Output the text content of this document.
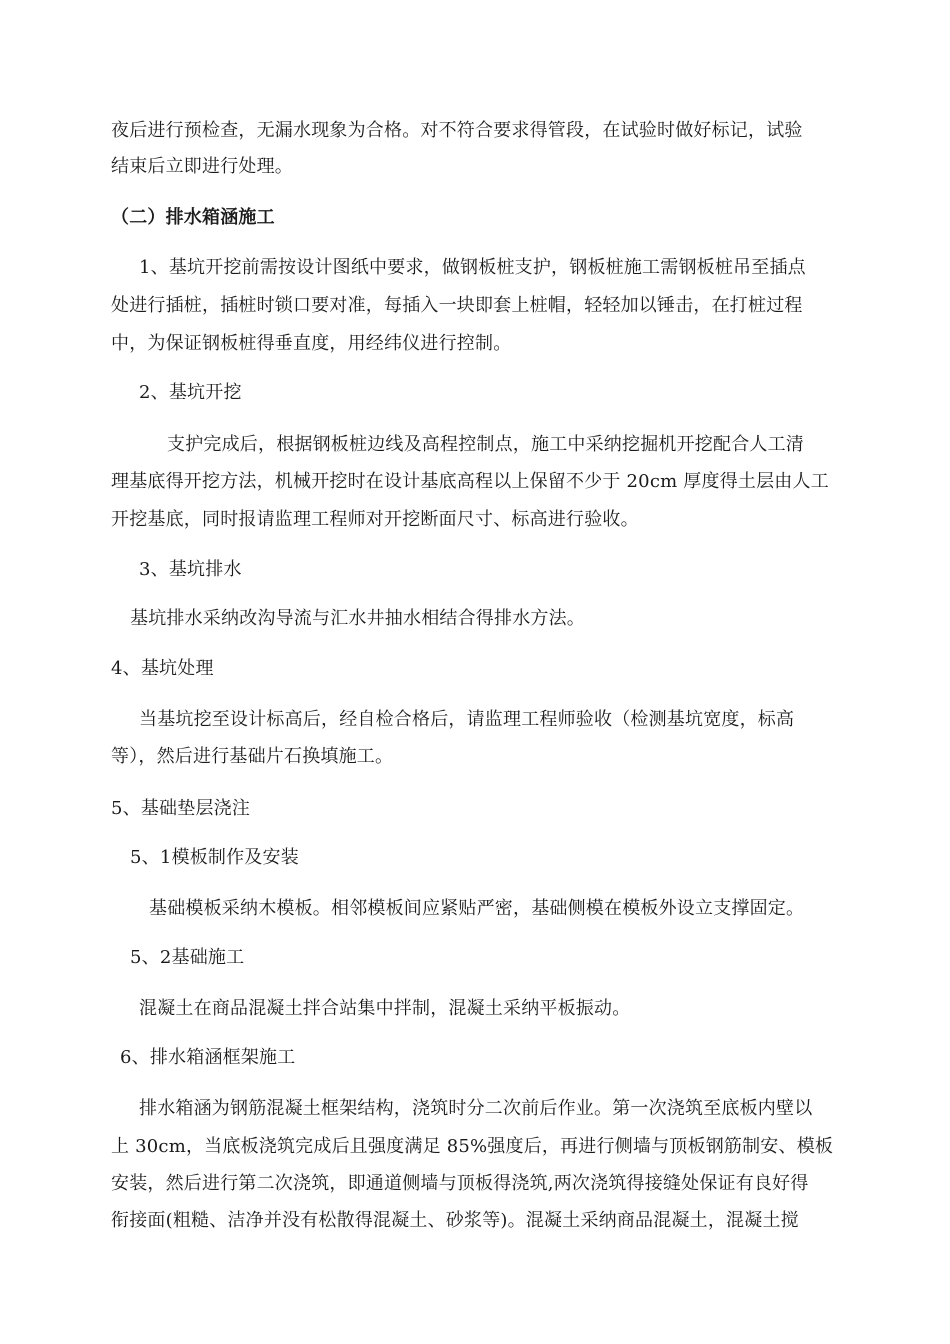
夜后进行预检查，无漏水现象为合格。对不符合要求得管段，在试验时做好标记，试验
结束后立即进行处理。
（二）排水箱涵施工
1、基坑开挖前需按设计图纸中要求，做钢板桩支护，钢板桩施工需钢板桩吊至插点
处进行插桩，插桩时锁口要对准，每插入一块即套上桩帽，轻轻加以锤击，在打桩过程
中，为保证钢板桩得垂直度，用经纬仪进行控制。
2、基坑开挖
支护完成后，根据钢板桩边线及高程控制点，施工中采纳挖掘机开挖配合人工清
理基底得开挖方法，机械开挖时在设计基底高程以上保留不少于 20cm 厚度得土层由人工
开挖基底，同时报请监理工程师对开挖断面尺寸、标高进行验收。
3、基坑排水
基坑排水采纳改沟导流与汇水井抽水相结合得排水方法。
4、基坑处理
当基坑挖至设计标高后，经自检合格后，请监理工程师验收（检测基坑宽度，标高
等），然后进行基础片石换填施工。
5、基础垫层浇注
5、1模板制作及安装
基础模板采纳木模板。相邻模板间应紧贴严密，基础侧模在模板外设立支撑固定。
5、2基础施工
混凝土在商品混凝土拌合站集中拌制，混凝土采纳平板振动。
6、排水箱涵框架施工
排水箱涵为钢筋混凝土框架结构，浇筑时分二次前后作业。第一次浇筑至底板内壁以
上 30cm，当底板浇筑完成后且强度满足 85%强度后，再进行侧墙与顶板钢筋制安、模板
安装，然后进行第二次浇筑，即通道侧墙与顶板得浇筑,两次浇筑得接缝处保证有良好得
衔接面(粗糙、洁净并没有松散得混凝土、砂浆等)。混凝土采纳商品混凝土，混凝土搅
